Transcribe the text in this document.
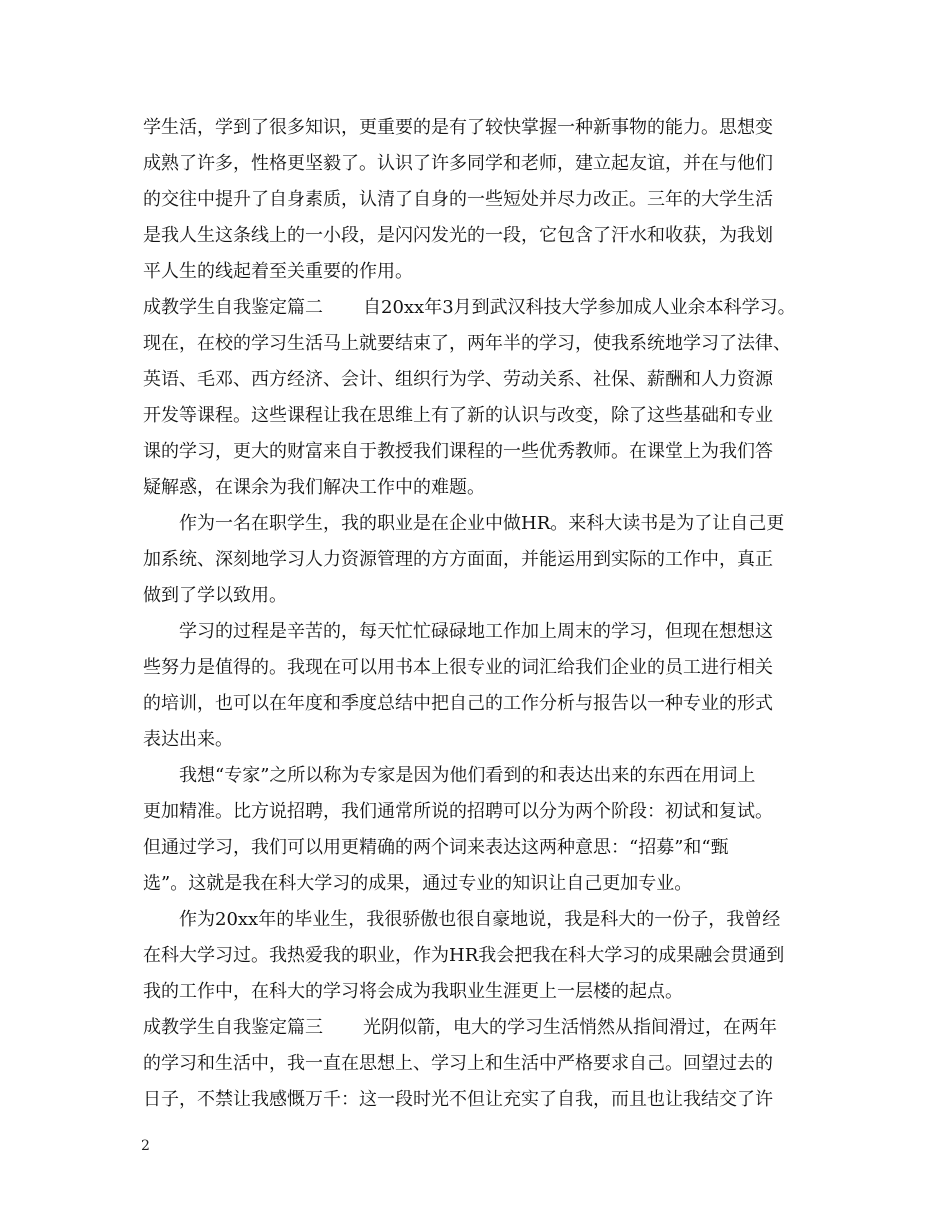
学生活，学到了很多知识，更重要的是有了较快掌握一种新事物的能力。思想变
成熟了许多，性格更坚毅了。认识了许多同学和老师，建立起友谊，并在与他们
的交往中提升了自身素质，认清了自身的一些短处并尽力改正。三年的大学生活
是我人生这条线上的一小段，是闪闪发光的一段，它包含了汗水和收获，为我划
平人生的线起着至关重要的作用。
成教学生自我鉴定篇二 自20xx年3月到武汉科技大学参加成人业余本科学习。
现在，在校的学习生活马上就要结束了，两年半的学习，使我系统地学习了法律、
英语、毛邓、西方经济、会计、组织行为学、劳动关系、社保、薪酬和人力资源
开发等课程。这些课程让我在思维上有了新的认识与改变，除了这些基础和专业
课的学习，更大的财富来自于教授我们课程的一些优秀教师。在课堂上为我们答
疑解惑，在课余为我们解决工作中的难题。
作为一名在职学生，我的职业是在企业中做HR。来科大读书是为了让自己更
加系统、深刻地学习人力资源管理的方方面面，并能运用到实际的工作中，真正
做到了学以致用。
学习的过程是辛苦的，每天忙忙碌碌地工作加上周末的学习，但现在想想这
些努力是值得的。我现在可以用书本上很专业的词汇给我们企业的员工进行相关
的培训，也可以在年度和季度总结中把自己的工作分析与报告以一种专业的形式
表达出来。
我想“专家”之所以称为专家是因为他们看到的和表达出来的东西在用词上
更加精准。比方说招聘，我们通常所说的招聘可以分为两个阶段：初试和复试。
但通过学习，我们可以用更精确的两个词来表达这两种意思：“招募”和“甄
选”。这就是我在科大学习的成果，通过专业的知识让自己更加专业。
作为20xx年的毕业生，我很骄傲也很自豪地说，我是科大的一份子，我曾经
在科大学习过。我热爱我的职业，作为HR我会把我在科大学习的成果融会贯通到
我的工作中，在科大的学习将会成为我职业生涯更上一层楼的起点。
成教学生自我鉴定篇三 光阴似箭，电大的学习生活悄然从指间滑过，在两年
的学习和生活中，我一直在思想上、学习上和生活中严格要求自己。回望过去的
日子，不禁让我感慨万千：这一段时光不但让充实了自我，而且也让我结交了许
2
